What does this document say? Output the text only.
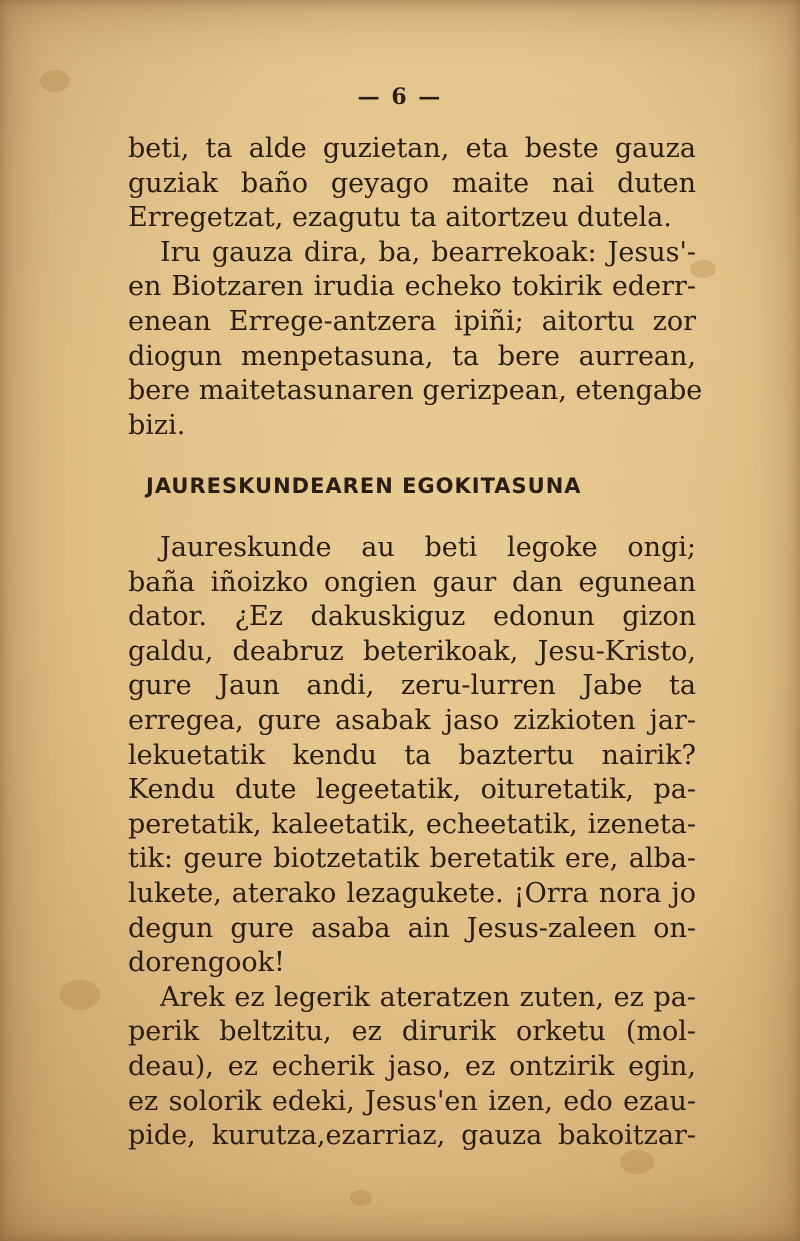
— 6 —
beti, ta alde guzietan, eta beste gauza
guziak baño geyago maite nai duten
Erregetzat, ezagutu ta aitortzeu dutela.
Iru gauza dira, ba, bearrekoak: Jesus'-
en Biotzaren irudia echeko tokirik ederr-
enean Errege-antzera ipiñi; aitortu zor
diogun menpetasuna, ta bere aurrean,
bere maitetasunaren gerizpean, etengabe
bizi.
JAURESKUNDEAREN EGOKITASUNA
Jaureskunde au beti legoke ongi;
baña iñoizko ongien gaur dan egunean
dator. ¿Ez dakuskiguz edonun gizon
galdu, deabruz beterikoak, Jesu-Kristo,
gure Jaun andi, zeru-lurren Jabe ta
erregea, gure asabak jaso zizkioten jar-
lekuetatik kendu ta baztertu nairik?
Kendu dute legeetatik, oituretatik, pa-
peretatik, kaleetatik, echeetatik, izeneta-
tik: geure biotzetatik beretatik ere, alba-
lukete, aterako lezagukete. ¡Orra nora jo
degun gure asaba ain Jesus-zaleen on-
dorengook!
Arek ez legerik ateratzen zuten, ez pa-
perik beltzitu, ez dirurik orketu (mol-
deau), ez echerik jaso, ez ontzirik egin,
ez solorik edeki, Jesus'en izen, edo ezau-
pide, kurutza,ezarriaz, gauza bakoitzar-
